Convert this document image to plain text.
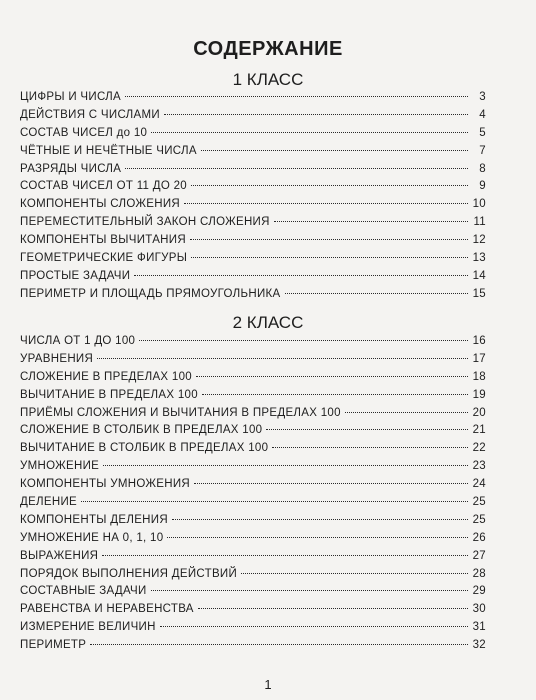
СОДЕРЖАНИЕ
1 КЛАСС
ЦИФРЫ И ЧИСЛА	3
ДЕЙСТВИЯ С ЧИСЛАМИ	4
СОСТАВ ЧИСЕЛ до 10	5
ЧЁТНЫЕ И НЕЧЁТНЫЕ ЧИСЛА	7
РАЗРЯДЫ ЧИСЛА	8
СОСТАВ ЧИСЕЛ ОТ 11 ДО 20	9
КОМПОНЕНТЫ СЛОЖЕНИЯ	10
ПЕРЕМЕСТИТЕЛЬНЫЙ ЗАКОН СЛОЖЕНИЯ	11
КОМПОНЕНТЫ ВЫЧИТАНИЯ	12
ГЕОМЕТРИЧЕСКИЕ ФИГУРЫ	13
ПРОСТЫЕ ЗАДАЧИ	14
ПЕРИМЕТР И ПЛОЩАДЬ ПРЯМОУГОЛЬНИКА	15
2 КЛАСС
ЧИСЛА ОТ 1 ДО 100	16
УРАВНЕНИЯ	17
СЛОЖЕНИЕ В ПРЕДЕЛАХ 100	18
ВЫЧИТАНИЕ В ПРЕДЕЛАХ 100	19
ПРИЁМЫ СЛОЖЕНИЯ И ВЫЧИТАНИЯ В ПРЕДЕЛАХ 100	20
СЛОЖЕНИЕ В СТОЛБИК В ПРЕДЕЛАХ 100	21
ВЫЧИТАНИЕ В СТОЛБИК В ПРЕДЕЛАХ 100	22
УМНОЖЕНИЕ	23
КОМПОНЕНТЫ УМНОЖЕНИЯ	24
ДЕЛЕНИЕ	25
КОМПОНЕНТЫ ДЕЛЕНИЯ	25
УМНОЖЕНИЕ НА 0, 1, 10	26
ВЫРАЖЕНИЯ	27
ПОРЯДОК ВЫПОЛНЕНИЯ ДЕЙСТВИЙ	28
СОСТАВНЫЕ ЗАДАЧИ	29
РАВЕНСТВА И НЕРАВЕНСТВА	30
ИЗМЕРЕНИЕ ВЕЛИЧИН	31
ПЕРИМЕТР	32
1
